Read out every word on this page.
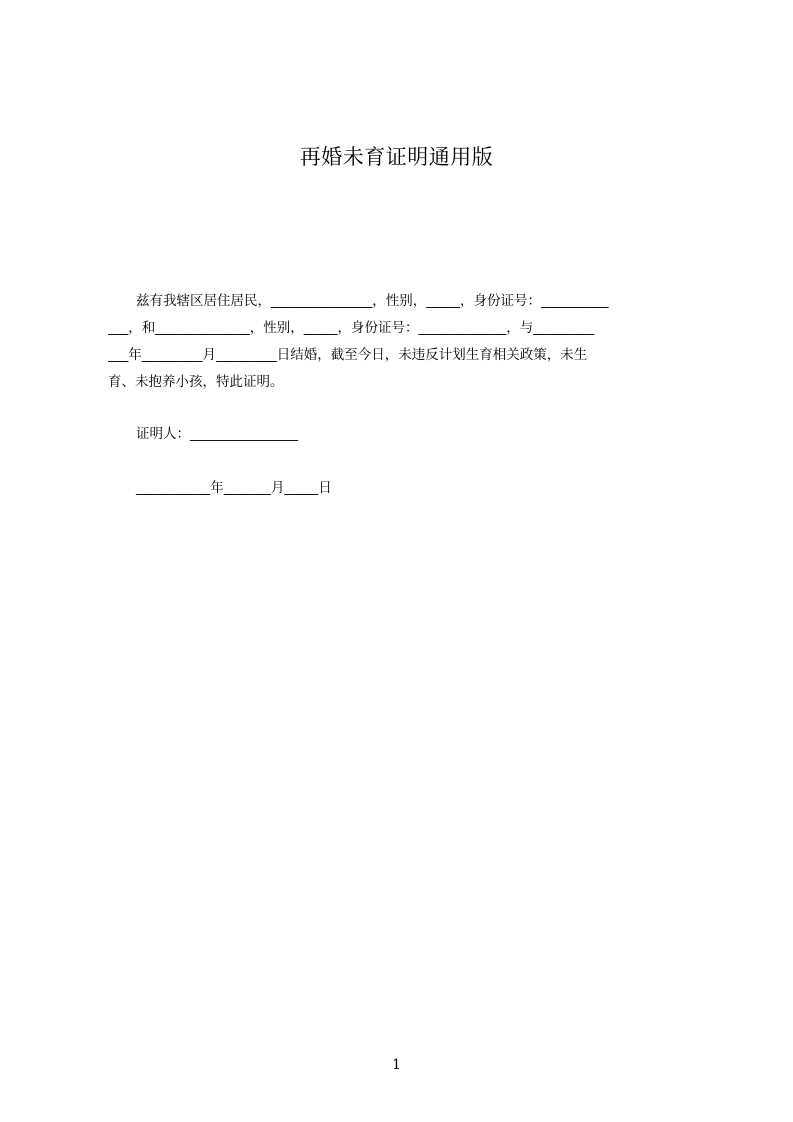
再婚未育证明通用版
兹有我辖区居住居民，_______________，性别，_____，身份证号：__________
___，和______________，性别，_____，身份证号：_____________，与_________
___年_________月_________日结婚，截至今日，未违反计划生育相关政策，未生
育、未抱养小孩，特此证明。

证明人：________________

___________年_______月_____日

1
